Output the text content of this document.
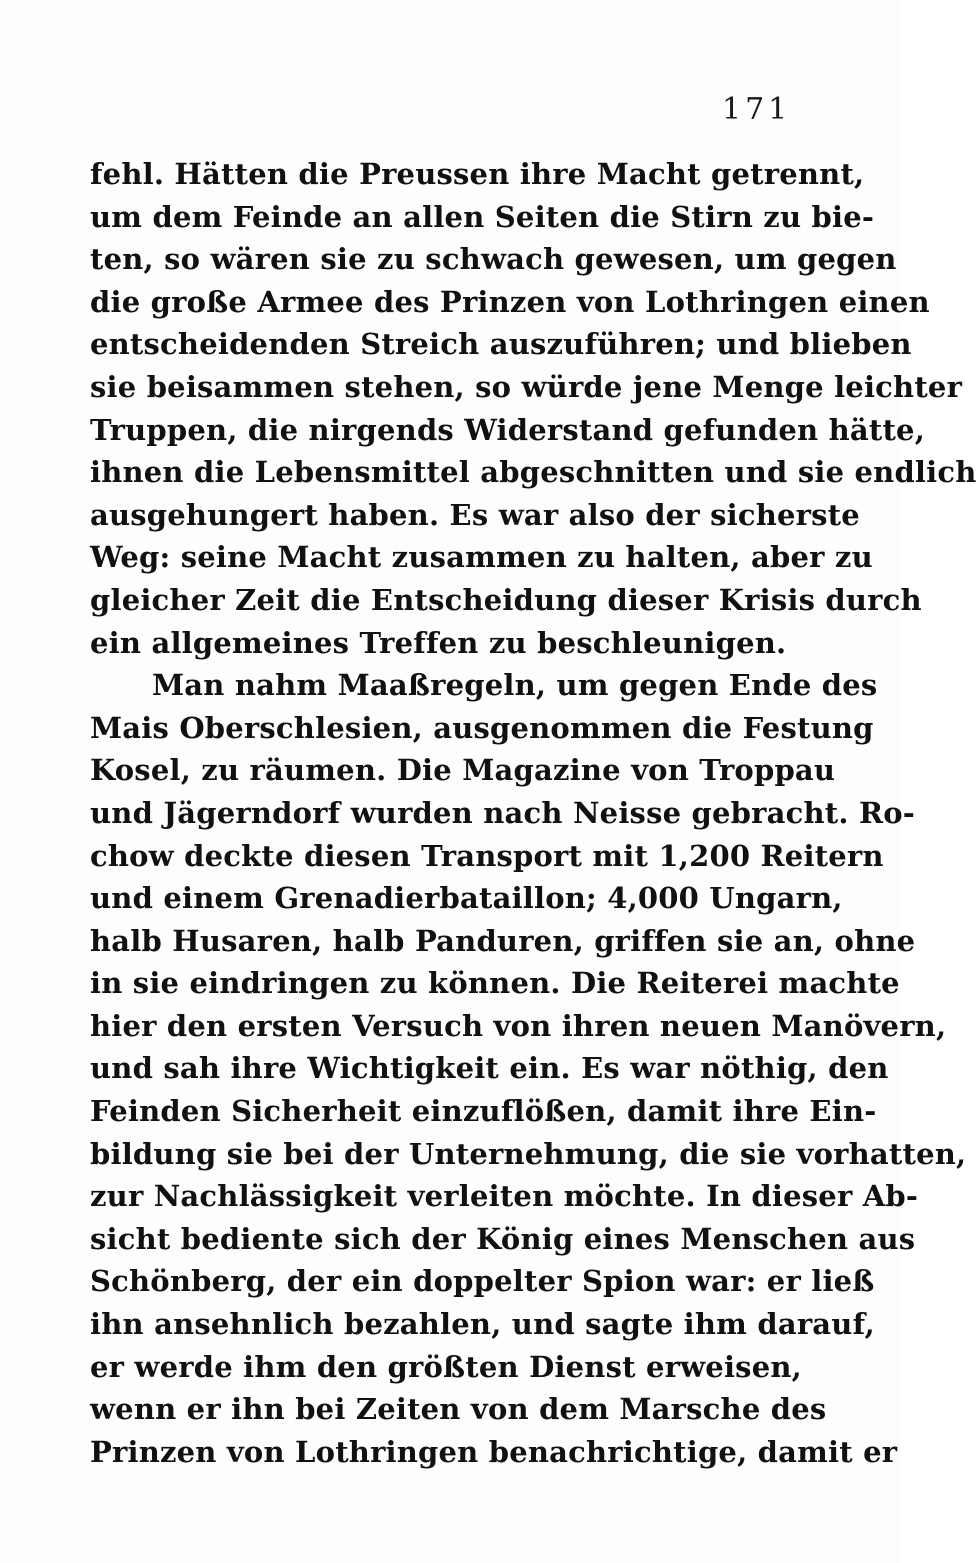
171
fehl. Hätten die Preussen ihre Macht getrennt,
um dem Feinde an allen Seiten die Stirn zu bie-
ten, so wären sie zu schwach gewesen, um gegen
die große Armee des Prinzen von Lothringen einen
entscheidenden Streich auszuführen; und blieben
sie beisammen stehen, so würde jene Menge leichter
Truppen, die nirgends Widerstand gefunden hätte,
ihnen die Lebensmittel abgeschnitten und sie endlich
ausgehungert haben. Es war also der sicherste
Weg: seine Macht zusammen zu halten, aber zu
gleicher Zeit die Entscheidung dieser Krisis durch
ein allgemeines Treffen zu beschleunigen.
Man nahm Maaßregeln, um gegen Ende des
Mais Oberschlesien, ausgenommen die Festung
Kosel, zu räumen. Die Magazine von Troppau
und Jägerndorf wurden nach Neisse gebracht. Ro-
chow deckte diesen Transport mit 1,200 Reitern
und einem Grenadierbataillon; 4,000 Ungarn,
halb Husaren, halb Panduren, griffen sie an, ohne
in sie eindringen zu können. Die Reiterei machte
hier den ersten Versuch von ihren neuen Manövern,
und sah ihre Wichtigkeit ein. Es war nöthig, den
Feinden Sicherheit einzuflößen, damit ihre Ein-
bildung sie bei der Unternehmung, die sie vorhatten,
zur Nachlässigkeit verleiten möchte. In dieser Ab-
sicht bediente sich der König eines Menschen aus
Schönberg, der ein doppelter Spion war: er ließ
ihn ansehnlich bezahlen, und sagte ihm darauf,
er werde ihm den größten Dienst erweisen,
wenn er ihn bei Zeiten von dem Marsche des
Prinzen von Lothringen benachrichtige, damit er
